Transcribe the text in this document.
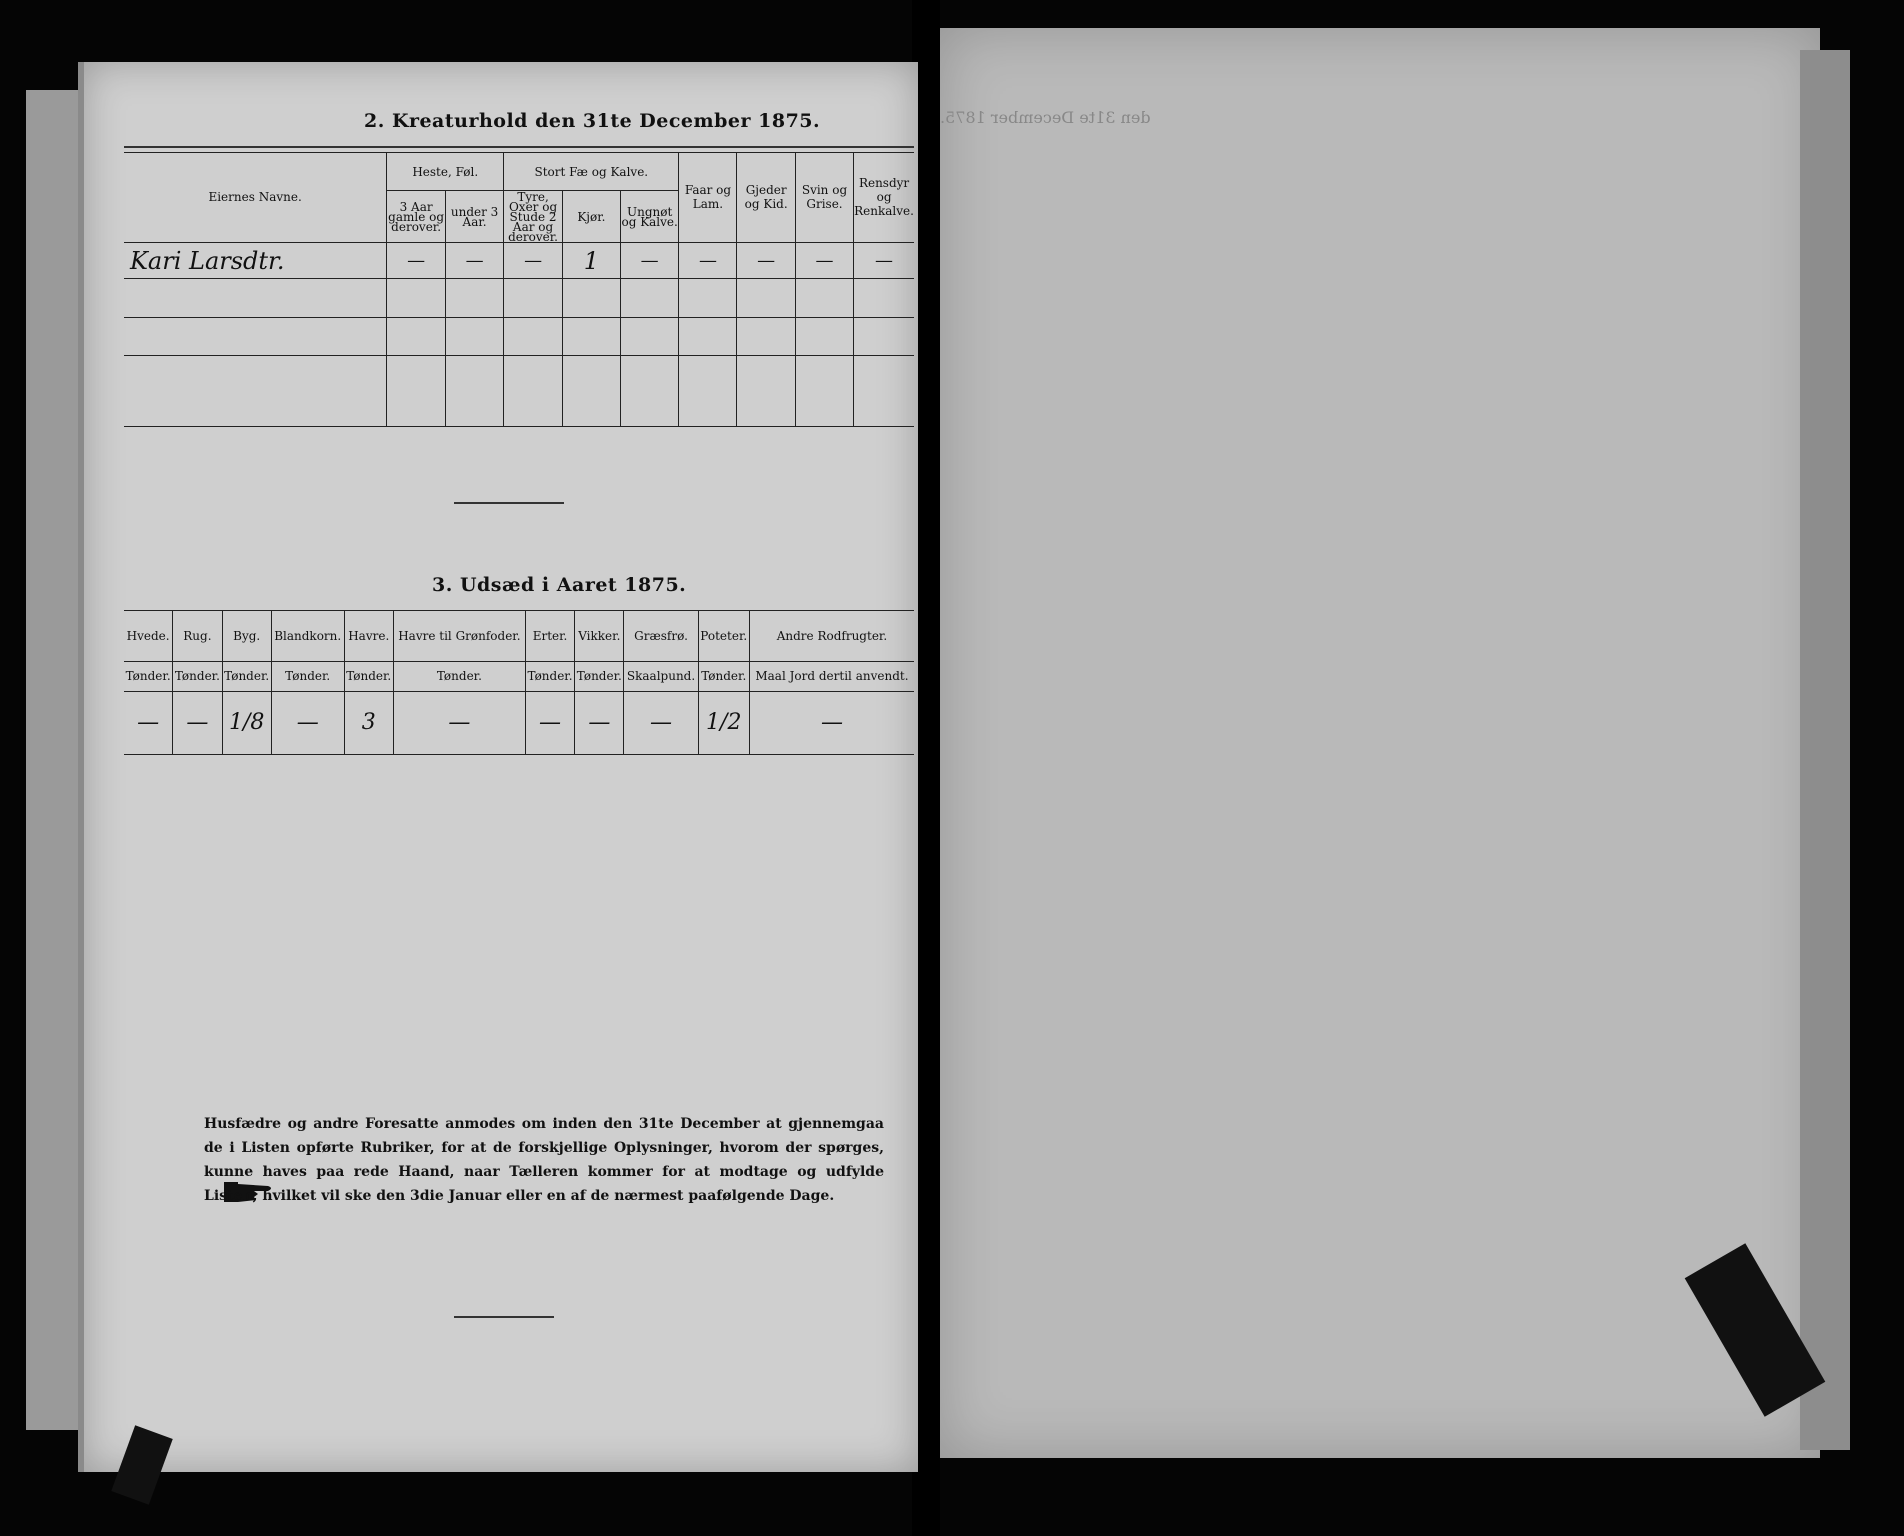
2. Kreaturhold den 31te December 1875.
Eiernes Navne.	Heste, Føl.		Stort Fæ og Kalve.			Faar og Lam.	Gjeder og Kid.	Svin og Grise.	Rensdyr og Renkalve.
	3 Aar gamle og derover.	under 3 Aar.	Tyre, Oxer og Stude 2 Aar og derover.	Kjør.	Ungnøt og Kalve.				
Kari Larsdtr.	—	—	—	1	—	—	—	—	—

3. Udsæd i Aaret 1875.
Hvede.	Rug.	Byg.	Blandkorn.	Havre.	Havre til Grønfoder.	Erter.	Vikker.	Græsfrø.	Poteter.	Andre Rodfrugter.
Tønder.	Tønder.	Tønder.	Tønder.	Tønder.	Tønder.	Tønder.	Tønder.	Skaalpund.	Tønder.	Maal Jord dertil anvendt.
—	—	1/8	—	3	—	—	—	—	1/2	—
Husfædre og andre Foresatte anmodes om inden den 31te December at gjennemgaa de i Listen opførte Rubriker, for at de forskjellige Oplysninger, hvorom der spørges, kunne haves paa rede Haand, naar Tælleren kommer for at modtage og udfylde Listen, hvilket vil ske den 3die Januar eller en af de nærmest paafølgende Dage.
den 31te December 1875.
